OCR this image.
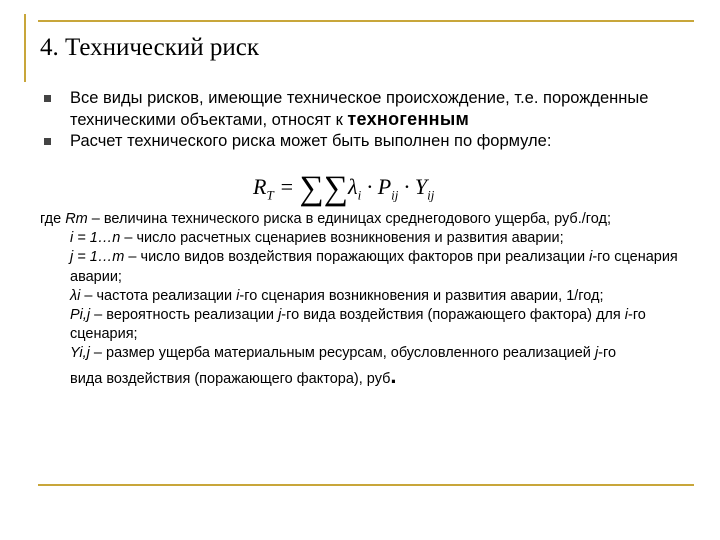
4. Технический риск
Все виды рисков, имеющие техническое происхождение, т.е. порожденные техническими объектами, относят к техногенным
Расчет технического риска может быть выполнен по формуле:
$R_T = \sum\sum\lambda_i \cdot P_{ij} \cdot Y_{ij}$
где Rт – величина технического риска в единицах среднегодового ущерба, руб./год;
i = 1…n – число расчетных сценариев возникновения и развития аварии;
j = 1…m – число видов воздействия поражающих факторов при реализации i-го сценария аварии;
λi – частота реализации i-го сценария возникновения и развития аварии, 1/год;
Pi,j – вероятность реализации j-го вида воздействия (поражающего фактора) для i-го сценария;
Yi,j – размер ущерба материальным ресурсам, обусловленного реализацией j-го
вида воздействия (поражающего фактора), руб.
